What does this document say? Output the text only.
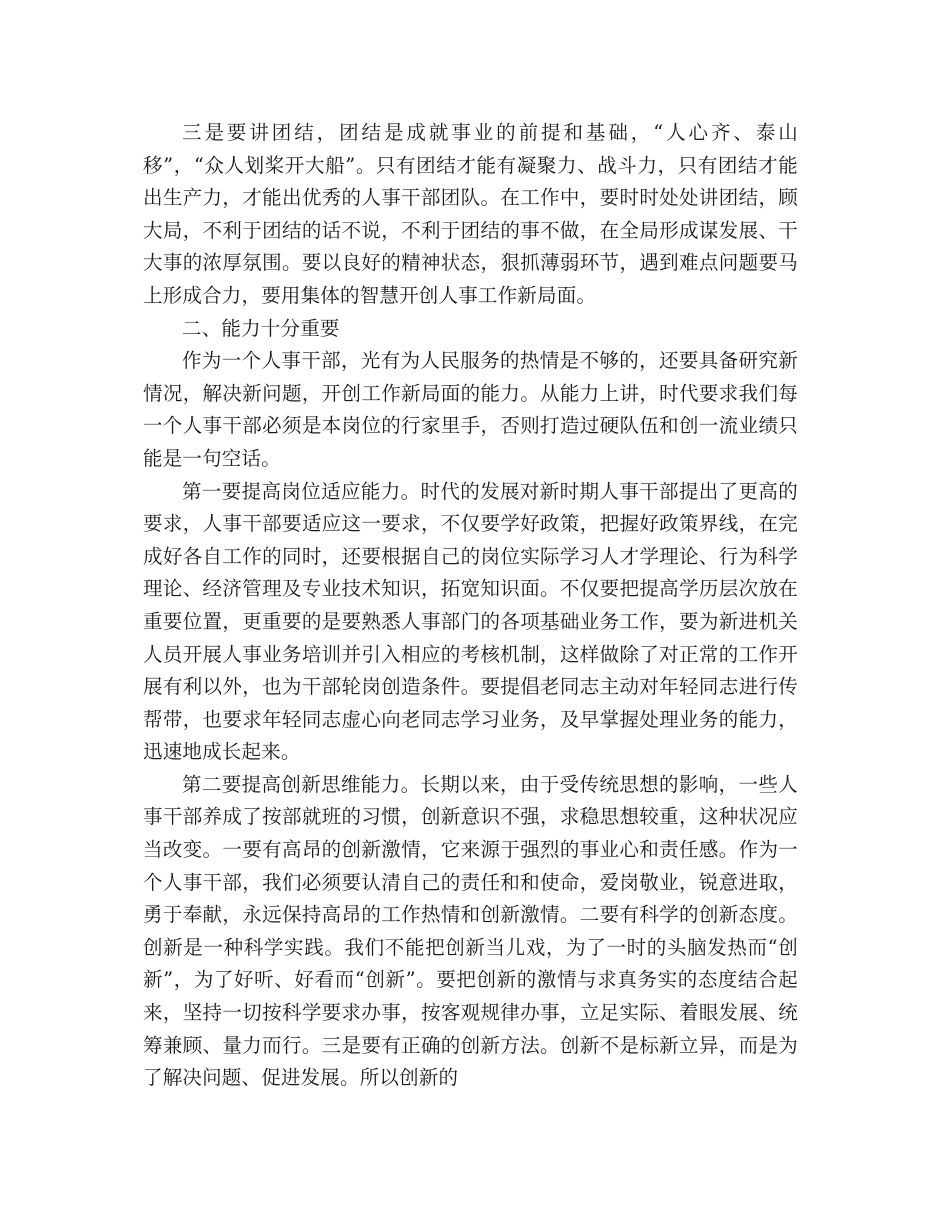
三是要讲团结，团结是成就事业的前提和基础，“人心齐、泰山移”，“众人划桨开大船”。只有团结才能有凝聚力、战斗力，只有团结才能出生产力，才能出优秀的人事干部团队。在工作中，要时时处处讲团结，顾大局，不利于团结的话不说，不利于团结的事不做，在全局形成谋发展、干大事的浓厚氛围。要以良好的精神状态，狠抓薄弱环节，遇到难点问题要马上形成合力，要用集体的智慧开创人事工作新局面。

二、能力十分重要

作为一个人事干部，光有为人民服务的热情是不够的，还要具备研究新情况，解决新问题，开创工作新局面的能力。从能力上讲，时代要求我们每一个人事干部必须是本岗位的行家里手，否则打造过硬队伍和创一流业绩只能是一句空话。

第一要提高岗位适应能力。时代的发展对新时期人事干部提出了更高的要求，人事干部要适应这一要求，不仅要学好政策，把握好政策界线，在完成好各自工作的同时，还要根据自己的岗位实际学习人才学理论、行为科学理论、经济管理及专业技术知识，拓宽知识面。不仅要把提高学历层次放在重要位置，更重要的是要熟悉人事部门的各项基础业务工作，要为新进机关人员开展人事业务培训并引入相应的考核机制，这样做除了对正常的工作开展有利以外，也为干部轮岗创造条件。要提倡老同志主动对年轻同志进行传帮带，也要求年轻同志虚心向老同志学习业务，及早掌握处理业务的能力，迅速地成长起来。

第二要提高创新思维能力。长期以来，由于受传统思想的影响，一些人事干部养成了按部就班的习惯，创新意识不强，求稳思想较重，这种状况应当改变。一要有高昂的创新激情，它来源于强烈的事业心和责任感。作为一个人事干部，我们必须要认清自己的责任和和使命，爱岗敬业，锐意进取，勇于奉献，永远保持高昂的工作热情和创新激情。二要有科学的创新态度。创新是一种科学实践。我们不能把创新当儿戏，为了一时的头脑发热而“创新”，为了好听、好看而“创新”。要把创新的激情与求真务实的态度结合起来，坚持一切按科学要求办事，按客观规律办事，立足实际、着眼发展、统筹兼顾、量力而行。三是要有正确的创新方法。创新不是标新立异，而是为了解决问题、促进发展。所以创新的
